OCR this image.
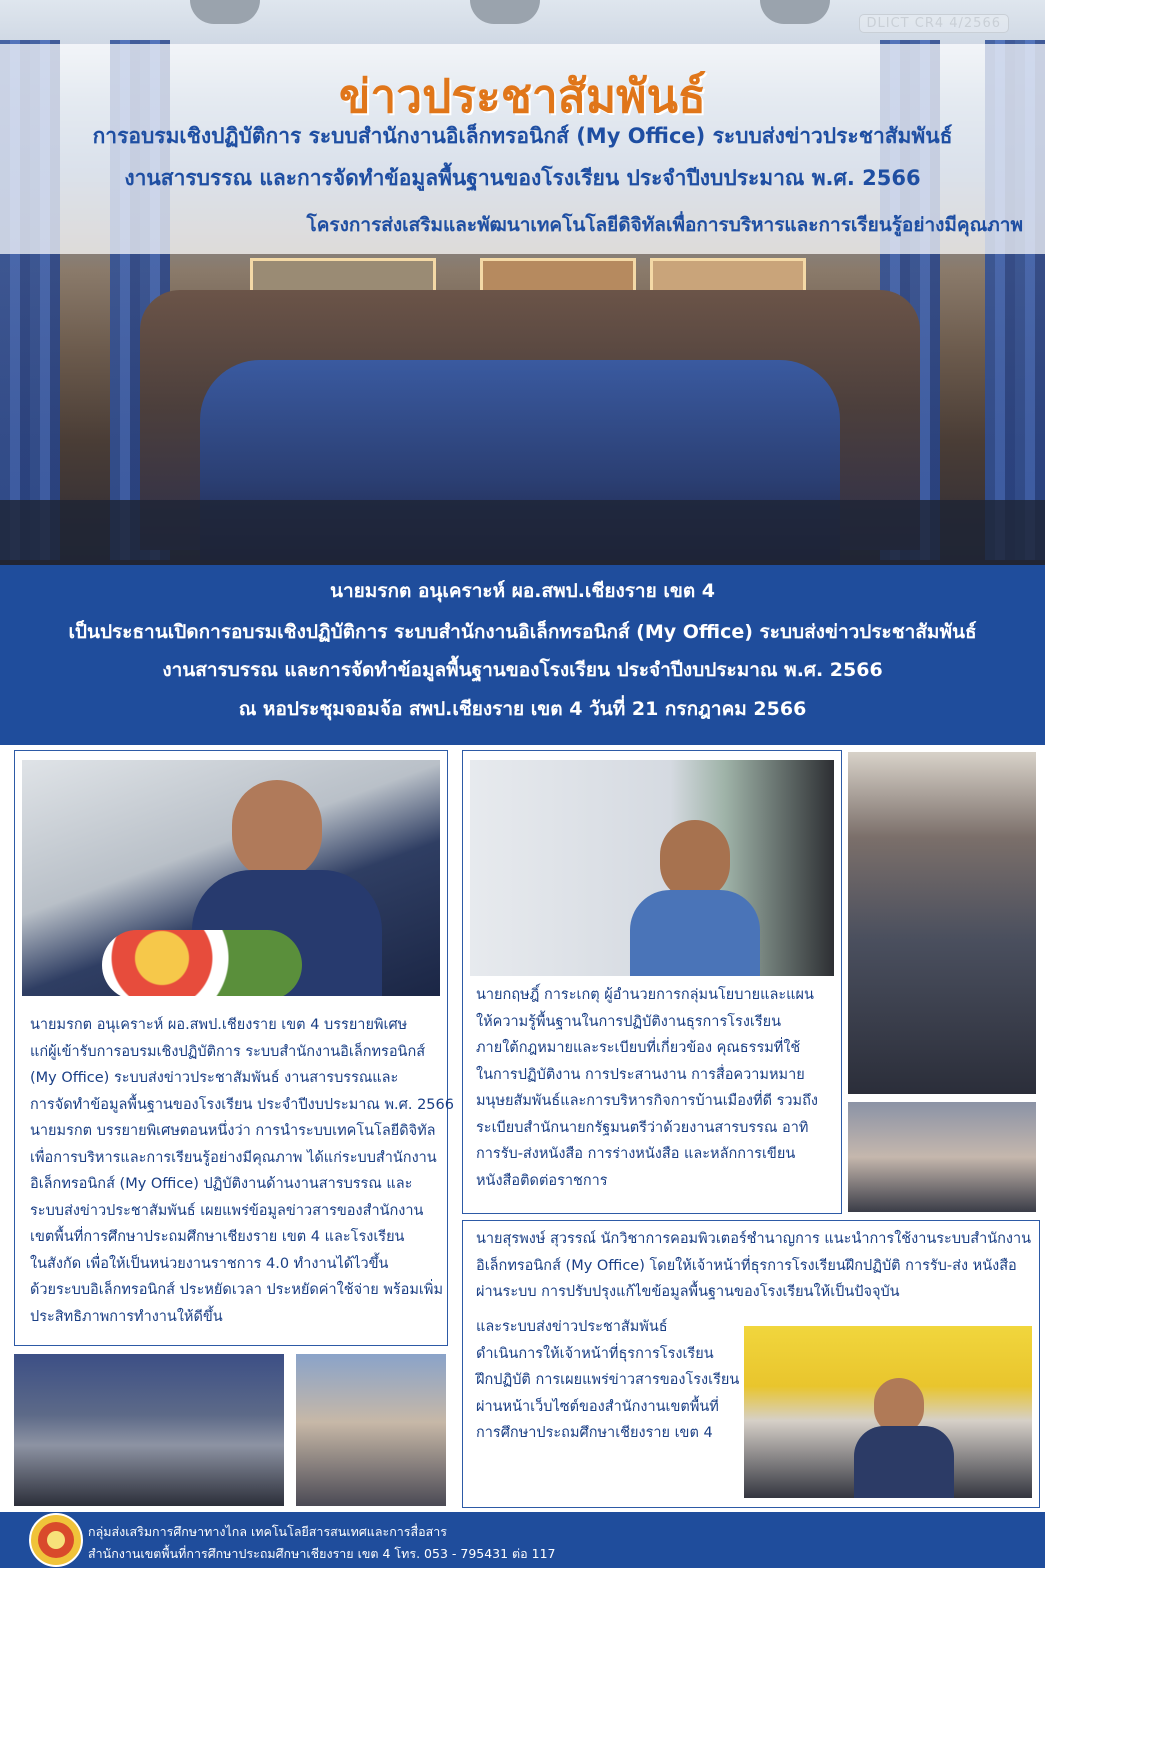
DLICT CR4 4/2566
ข่าวประชาสัมพันธ์
การอบรมเชิงปฏิบัติการ ระบบสำนักงานอิเล็กทรอนิกส์ (My Office) ระบบส่งข่าวประชาสัมพันธ์
งานสารบรรณ และการจัดทำข้อมูลพื้นฐานของโรงเรียน ประจำปีงบประมาณ พ.ศ. 2566
โครงการส่งเสริมและพัฒนาเทคโนโลยีดิจิทัลเพื่อการบริหารและการเรียนรู้อย่างมีคุณภาพ
นายมรกต อนุเคราะห์ ผอ.สพป.เชียงราย เขต 4
เป็นประธานเปิดการอบรมเชิงปฏิบัติการ ระบบสำนักงานอิเล็กทรอนิกส์ (My Office) ระบบส่งข่าวประชาสัมพันธ์
งานสารบรรณ และการจัดทำข้อมูลพื้นฐานของโรงเรียน ประจำปีงบประมาณ พ.ศ. 2566
ณ หอประชุมจอมจ้อ สพป.เชียงราย เขต 4 วันที่ 21 กรกฎาคม 2566
นายมรกต อนุเคราะห์ ผอ.สพป.เชียงราย เขต 4 บรรยายพิเศษ
แก่ผู้เข้ารับการอบรมเชิงปฏิบัติการ ระบบสำนักงานอิเล็กทรอนิกส์
(My Office) ระบบส่งข่าวประชาสัมพันธ์ งานสารบรรณและ
การจัดทำข้อมูลพื้นฐานของโรงเรียน ประจำปีงบประมาณ พ.ศ. 2566
นายมรกต บรรยายพิเศษตอนหนึ่งว่า การนำระบบเทคโนโลยีดิจิทัล
เพื่อการบริหารและการเรียนรู้อย่างมีคุณภาพ ได้แก่ระบบสำนักงาน
อิเล็กทรอนิกส์ (My Office) ปฏิบัติงานด้านงานสารบรรณ และ
ระบบส่งข่าวประชาสัมพันธ์ เผยแพร่ข้อมูลข่าวสารของสำนักงาน
เขตพื้นที่การศึกษาประถมศึกษาเชียงราย เขต 4 และโรงเรียน
ในสังกัด เพื่อให้เป็นหน่วยงานราชการ 4.0 ทำงานได้ไวขึ้น
ด้วยระบบอิเล็กทรอนิกส์ ประหยัดเวลา ประหยัดค่าใช้จ่าย พร้อมเพิ่ม
ประสิทธิภาพการทำงานให้ดีขึ้น
นายกฤษฎิ์ การะเกตุ ผู้อำนวยการกลุ่มนโยบายและแผน
ให้ความรู้พื้นฐานในการปฏิบัติงานธุรการโรงเรียน
ภายใต้กฎหมายและระเบียบที่เกี่ยวข้อง คุณธรรมที่ใช้
ในการปฏิบัติงาน การประสานงาน การสื่อความหมาย
มนุษยสัมพันธ์และการบริหารกิจการบ้านเมืองที่ดี รวมถึง
ระเบียบสำนักนายกรัฐมนตรีว่าด้วยงานสารบรรณ อาทิ
การรับ-ส่งหนังสือ การร่างหนังสือ และหลักการเขียน
หนังสือติดต่อราชการ
นายสุรพงษ์ สุวรรณ์ นักวิชาการคอมพิวเตอร์ชำนาญการ แนะนำการใช้งานระบบสำนักงาน
อิเล็กทรอนิกส์ (My Office) โดยให้เจ้าหน้าที่ธุรการโรงเรียนฝึกปฏิบัติ การรับ-ส่ง หนังสือ
ผ่านระบบ การปรับปรุงแก้ไขข้อมูลพื้นฐานของโรงเรียนให้เป็นปัจจุบัน
และระบบส่งข่าวประชาสัมพันธ์
ดำเนินการให้เจ้าหน้าที่ธุรการโรงเรียน
ฝึกปฏิบัติ การเผยแพร่ข่าวสารของโรงเรียน
ผ่านหน้าเว็บไซต์ของสำนักงานเขตพื้นที่
การศึกษาประถมศึกษาเชียงราย เขต 4
กลุ่มส่งเสริมการศึกษาทางไกล เทคโนโลยีสารสนเทศและการสื่อสาร
สำนักงานเขตพื้นที่การศึกษาประถมศึกษาเชียงราย เขต 4 โทร. 053 - 795431 ต่อ 117
